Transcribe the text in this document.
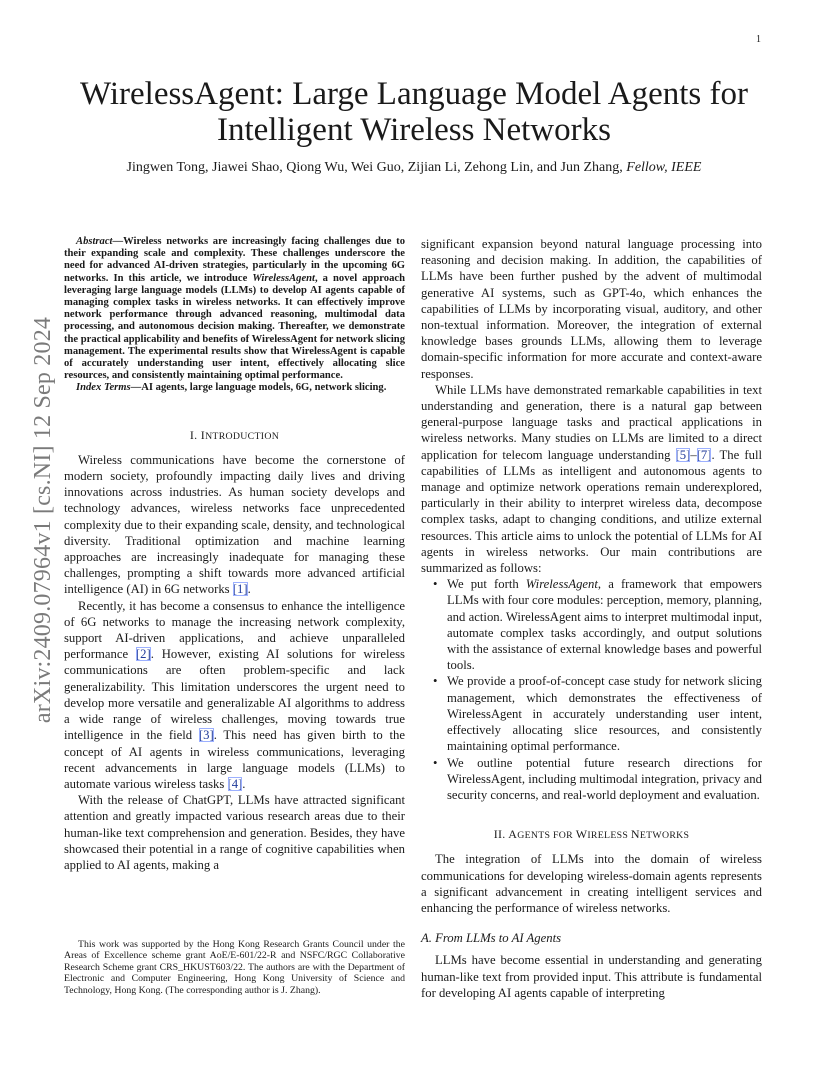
1
arXiv:2409.07964v1 [cs.NI] 12 Sep 2024
WirelessAgent: Large Language Model Agents for Intelligent Wireless Networks
Jingwen Tong, Jiawei Shao, Qiong Wu, Wei Guo, Zijian Li, Zehong Lin, and Jun Zhang, Fellow, IEEE

Abstract—Wireless networks are increasingly facing challenges due to their expanding scale and complexity. These challenges underscore the need for advanced AI-driven strategies, particularly in the upcoming 6G networks. In this article, we introduce WirelessAgent, a novel approach leveraging large language models (LLMs) to develop AI agents capable of managing complex tasks in wireless networks. It can effectively improve network performance through advanced reasoning, multimodal data processing, and autonomous decision making. Thereafter, we demonstrate the practical applicability and benefits of WirelessAgent for network slicing management. The experimental results show that WirelessAgent is capable of accurately understanding user intent, effectively allocating slice resources, and consistently maintaining optimal performance.

Index Terms—AI agents, large language models, 6G, network slicing.

I. INTRODUCTION

Wireless communications have become the cornerstone of modern society, profoundly impacting daily lives and driving innovations across industries. As human society develops and technology advances, wireless networks face unprecedented complexity due to their expanding scale, density, and technological diversity. Traditional optimization and machine learning approaches are increasingly inadequate for managing these challenges, prompting a shift towards more advanced artificial intelligence (AI) in 6G networks [1].

Recently, it has become a consensus to enhance the intelligence of 6G networks to manage the increasing network complexity, support AI-driven applications, and achieve unparalleled performance [2]. However, existing AI solutions for wireless communications are often problem-specific and lack generalizability. This limitation underscores the urgent need to develop more versatile and generalizable AI algorithms to address a wide range of wireless challenges, moving towards true intelligence in the field [3]. This need has given birth to the concept of AI agents in wireless communications, leveraging recent advancements in large language models (LLMs) to automate various wireless tasks [4].

With the release of ChatGPT, LLMs have attracted significant attention and greatly impacted various research areas due to their human-like text comprehension and generation. Besides, they have showcased their potential in a range of cognitive capabilities when applied to AI agents, making a

This work was supported by the Hong Kong Research Grants Council under the Areas of Excellence scheme grant AoE/E-601/22-R and NSFC/RGC Collaborative Research Scheme grant CRS_HKUST603/22. The authors are with the Department of Electronic and Computer Engineering, Hong Kong University of Science and Technology, Hong Kong. (The corresponding author is J. Zhang).

significant expansion beyond natural language processing into reasoning and decision making. In addition, the capabilities of LLMs have been further pushed by the advent of multimodal generative AI systems, such as GPT-4o, which enhances the capabilities of LLMs by incorporating visual, auditory, and other non-textual information. Moreover, the integration of external knowledge bases grounds LLMs, allowing them to leverage domain-specific information for more accurate and context-aware responses.

While LLMs have demonstrated remarkable capabilities in text understanding and generation, there is a natural gap between general-purpose language tasks and practical applications in wireless networks. Many studies on LLMs are limited to a direct application for telecom language understanding [5]–[7]. The full capabilities of LLMs as intelligent and autonomous agents to manage and optimize network operations remain underexplored, particularly in their ability to interpret wireless data, decompose complex tasks, adapt to changing conditions, and utilize external resources. This article aims to unlock the potential of LLMs for AI agents in wireless networks. Our main contributions are summarized as follows:

• We put forth WirelessAgent, a framework that empowers LLMs with four core modules: perception, memory, planning, and action. WirelessAgent aims to interpret multimodal input, automate complex tasks accordingly, and output solutions with the assistance of external knowledge bases and powerful tools.
• We provide a proof-of-concept case study for network slicing management, which demonstrates the effectiveness of WirelessAgent in accurately understanding user intent, effectively allocating slice resources, and consistently maintaining optimal performance.
• We outline potential future research directions for WirelessAgent, including multimodal integration, privacy and security concerns, and real-world deployment and evaluation.
II. AGENTS FOR WIRELESS NETWORKS

The integration of LLMs into the domain of wireless communications for developing wireless-domain agents represents a significant advancement in creating intelligent services and enhancing the performance of wireless networks.

A. From LLMs to AI Agents

LLMs have become essential in understanding and generating human-like text from provided input. This attribute is fundamental for developing AI agents capable of interpreting
